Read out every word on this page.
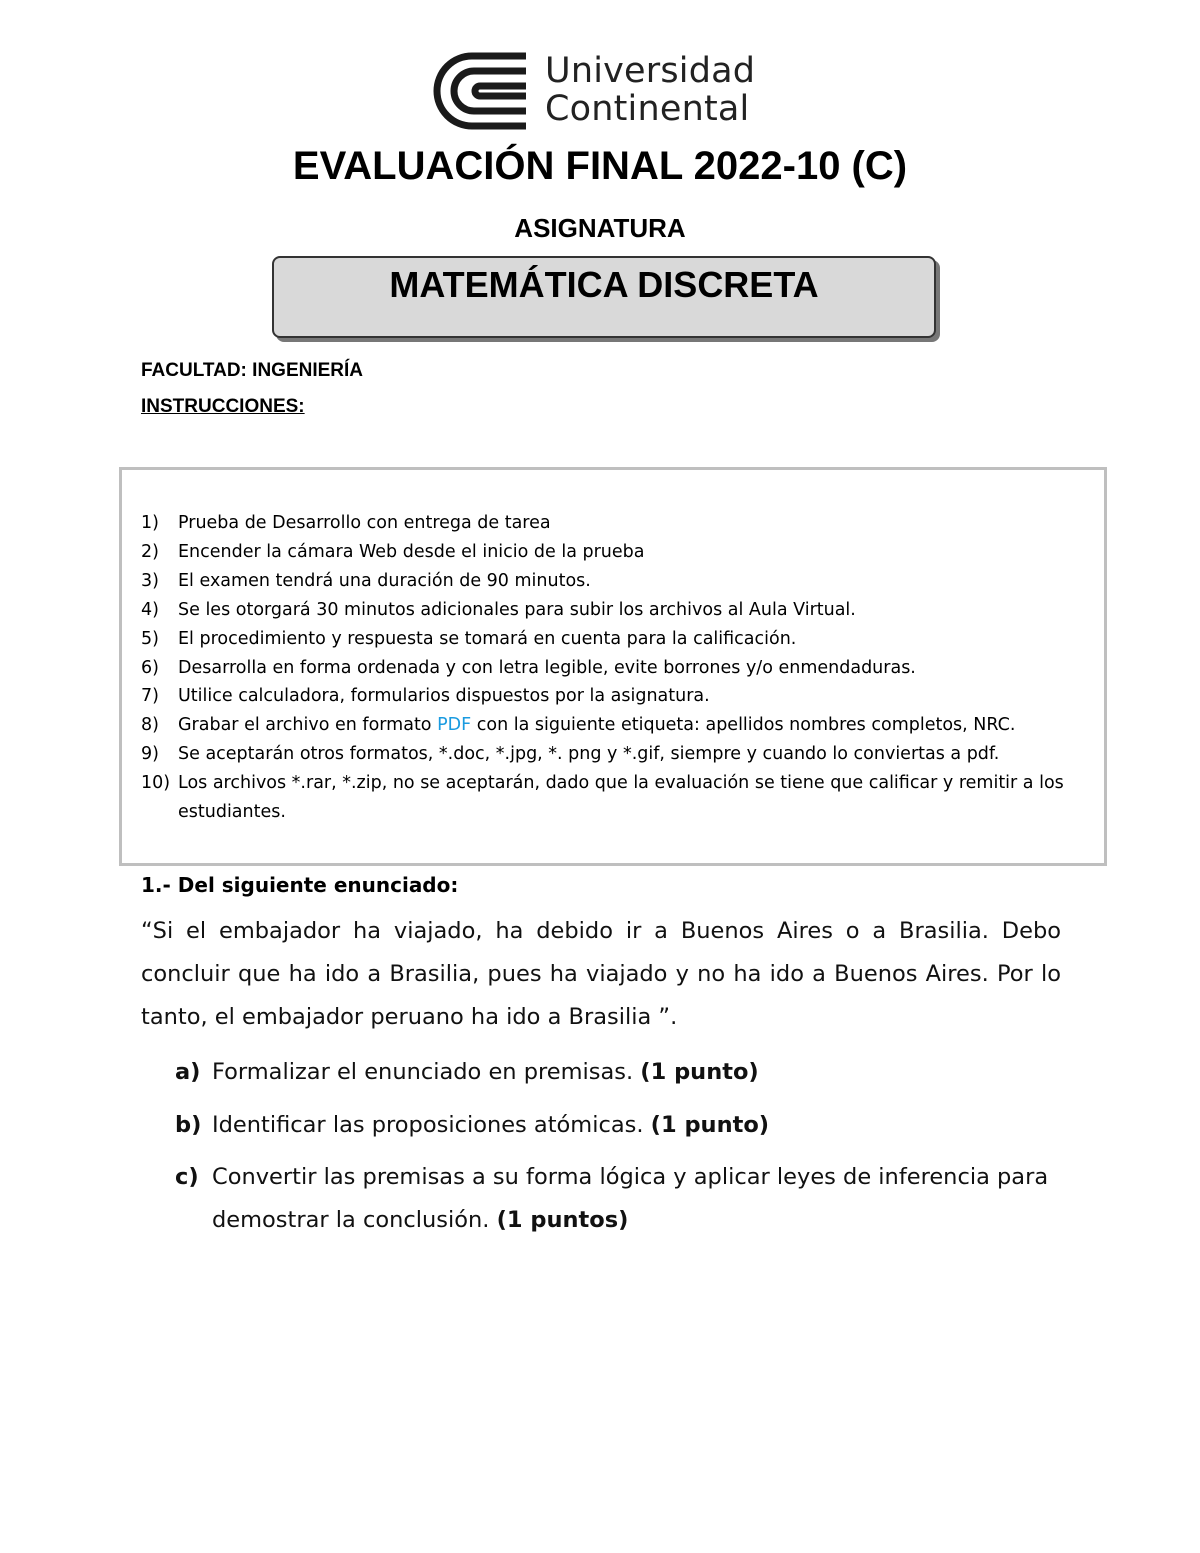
Universidad
Continental
EVALUACIÓN FINAL 2022-10 (C)
ASIGNATURA
MATEMÁTICA DISCRETA
FACULTAD: INGENIERÍA
INSTRUCCIONES:
1) Prueba de Desarrollo con entrega de tarea
2) Encender la cámara Web desde el inicio de la prueba
3) El examen tendrá una duración de 90 minutos.
4) Se les otorgará 30 minutos adicionales para subir los archivos al Aula Virtual.
5) El procedimiento y respuesta se tomará en cuenta para la calificación.
6) Desarrolla en forma ordenada y con letra legible, evite borrones y/o enmendaduras.
7) Utilice calculadora, formularios dispuestos por la asignatura.
8) Grabar el archivo en formato PDF con la siguiente etiqueta: apellidos nombres completos, NRC.
9) Se aceptarán otros formatos, *.doc, *.jpg, *. png y *.gif, siempre y cuando lo conviertas a pdf.
10) Los archivos *.rar, *.zip, no se aceptarán, dado que la evaluación se tiene que calificar y remitir a los estudiantes.
1.- Del siguiente enunciado:
“Si el embajador ha viajado, ha debido ir a Buenos Aires o a Brasilia. Debo concluir que ha ido a Brasilia, pues ha viajado y no ha ido a Buenos Aires. Por lo tanto, el embajador peruano ha ido a Brasilia ”.
a) Formalizar el enunciado en premisas. (1 punto)
b) Identificar las proposiciones atómicas. (1 punto)
c) Convertir las premisas a su forma lógica y aplicar leyes de inferencia para demostrar la conclusión. (1 puntos)
